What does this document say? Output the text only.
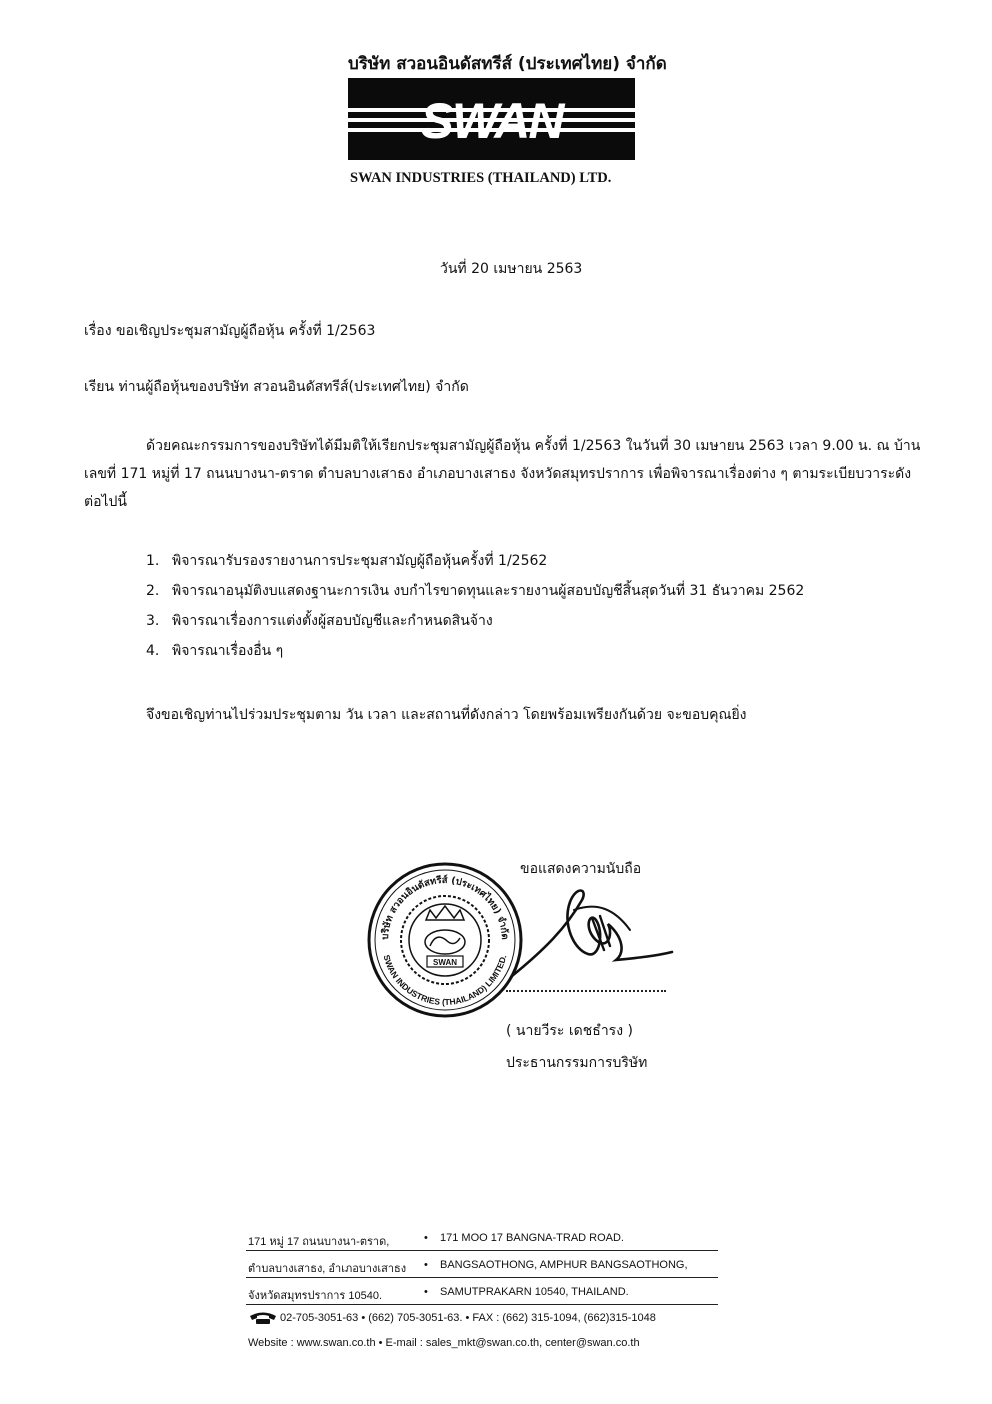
บริษัท สวอนอินดัสทรีส์ (ประเทศไทย) จำกัด
SWAN
SWAN INDUSTRIES (THAILAND) LTD.
วันที่ 20 เมษายน 2563
เรื่อง ขอเชิญประชุมสามัญผู้ถือหุ้น ครั้งที่ 1/2563
เรียน ท่านผู้ถือหุ้นของบริษัท สวอนอินดัสทรีส์(ประเทศไทย) จำกัด
ด้วยคณะกรรมการของบริษัทได้มีมติให้เรียกประชุมสามัญผู้ถือหุ้น ครั้งที่ 1/2563 ในวันที่ 30 เมษายน 2563 เวลา 9.00 น. ณ บ้านเลขที่ 171 หมู่ที่ 17 ถนนบางนา-ตราด ตำบลบางเสาธง อำเภอบางเสาธง จังหวัดสมุทรปราการ เพื่อพิจารณาเรื่องต่าง ๆ ตามระเบียบวาระดังต่อไปนี้
1. พิจารณารับรองรายงานการประชุมสามัญผู้ถือหุ้นครั้งที่ 1/2562
2. พิจารณาอนุมัติงบแสดงฐานะการเงิน งบกำไรขาดทุนและรายงานผู้สอบบัญชีสิ้นสุดวันที่ 31 ธันวาคม 2562
3. พิจารณาเรื่องการแต่งตั้งผู้สอบบัญชีและกำหนดสินจ้าง
4. พิจารณาเรื่องอื่น ๆ
จึงขอเชิญท่านไปร่วมประชุมตาม วัน เวลา และสถานที่ดังกล่าว โดยพร้อมเพรียงกันด้วย จะขอบคุณยิ่ง
ขอแสดงความนับถือ
บริษัท สวอนอินดัสทรีส์ (ประเทศไทย) จำกัด
SWAN INDUSTRIES (THAILAND) LIMITED.
SWAN
( นายวีระ เดชธำรง )
ประธานกรรมการบริษัท
171 หมู่ 17 ถนนบางนา-ตราด,	• 171 MOO 17 BANGNA-TRAD ROAD.
ตำบลบางเสาธง, อำเภอบางเสาธง • BANGSAOTHONG, AMPHUR BANGSAOTHONG,
จังหวัดสมุทรปราการ 10540.	• SAMUTPRAKARN 10540, THAILAND.
02-705-3051-63 • (662) 705-3051-63. • FAX : (662) 315-1094, (662)315-1048
Website : www.swan.co.th • E-mail : sales_mkt@swan.co.th, center@swan.co.th
